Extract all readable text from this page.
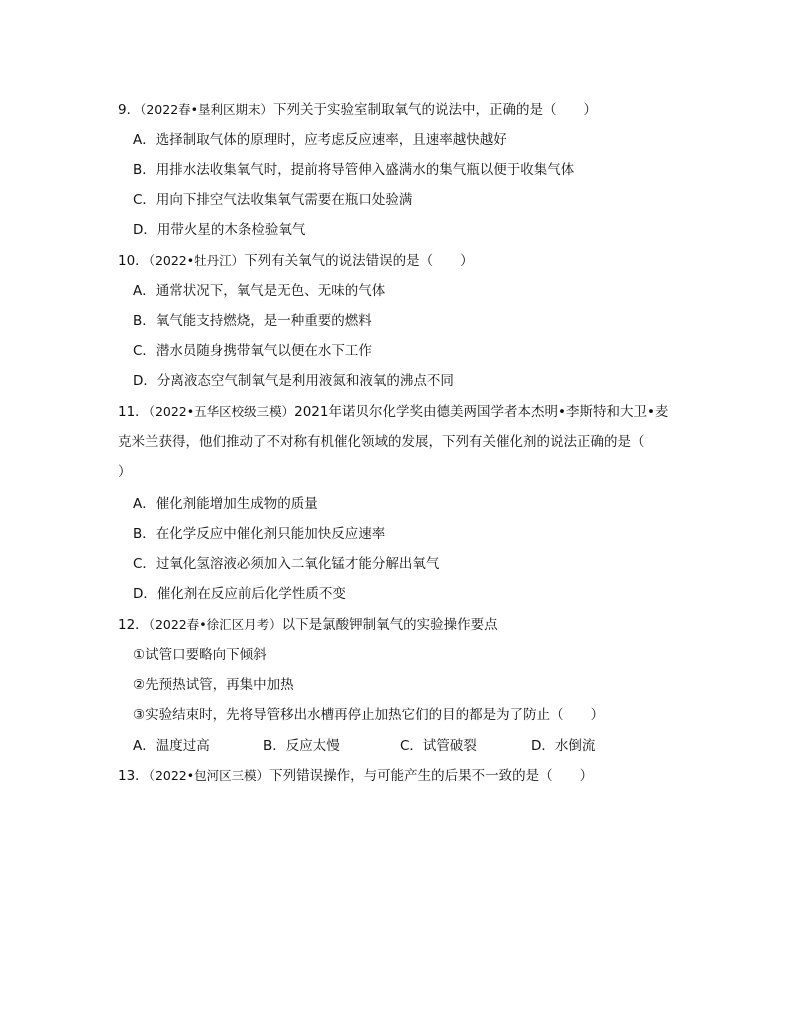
9．（2022春•垦利区期末）下列关于实验室制取氧气的说法中，正确的是（　　）
A．选择制取气体的原理时，应考虑反应速率，且速率越快越好
B．用排水法收集氧气时，提前将导管伸入盛满水的集气瓶以便于收集气体
C．用向下排空气法收集氧气需要在瓶口处验满
D．用带火星的木条检验氧气
10．（2022•牡丹江）下列有关氧气的说法错误的是（　　）
A．通常状况下，氧气是无色、无味的气体
B．氧气能支持燃烧，是一种重要的燃料
C．潜水员随身携带氧气以便在水下工作
D．分离液态空气制氧气是利用液氮和液氧的沸点不同
11．（2022•五华区校级三模）2021年诺贝尔化学奖由德美两国学者本杰明•李斯特和大卫•麦
克米兰获得，他们推动了不对称有机催化领域的发展，下列有关催化剂的说法正确的是（
）
A．催化剂能增加生成物的质量
B．在化学反应中催化剂只能加快反应速率
C．过氧化氢溶液必须加入二氧化锰才能分解出氧气
D．催化剂在反应前后化学性质不变
12．（2022春•徐汇区月考）以下是氯酸钾制氧气的实验操作要点
①试管口要略向下倾斜
②先预热试管，再集中加热
③实验结束时，先将导管移出水槽再停止加热它们的目的都是为了防止（　　）
A．温度过高	B．反应太慢	C．试管破裂	D．水倒流
13．（2022•包河区三模）下列错误操作，与可能产生的后果不一致的是（　　）
